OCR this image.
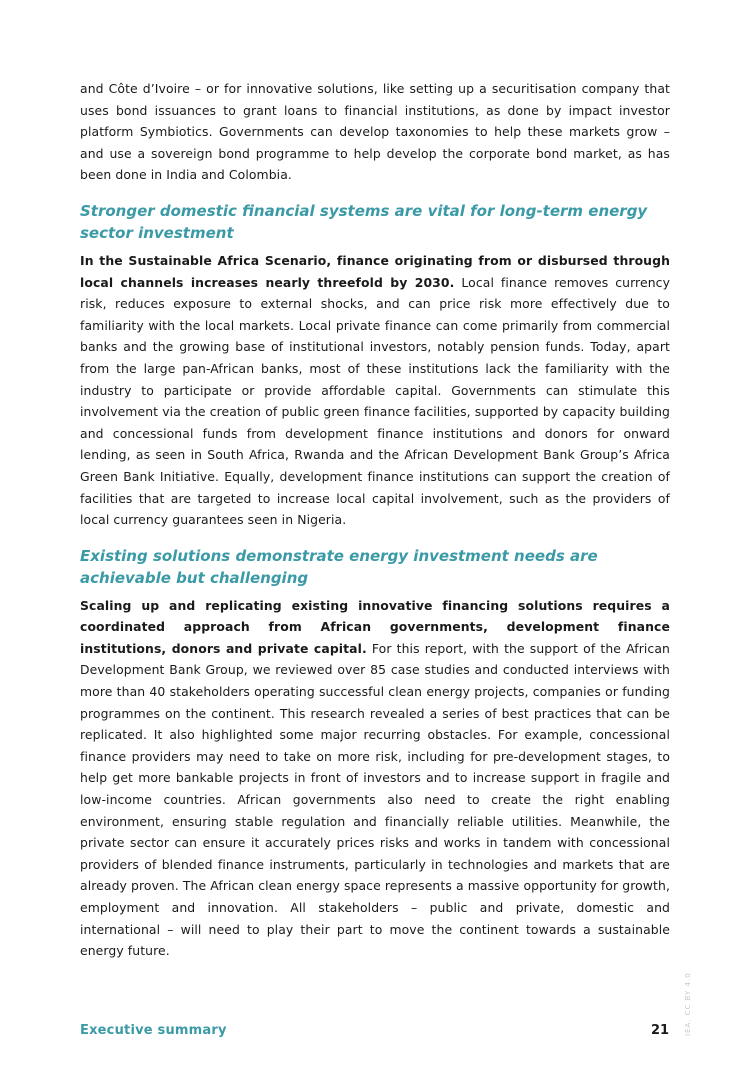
and Côte d’Ivoire – or for innovative solutions, like setting up a securitisation company that uses bond issuances to grant loans to financial institutions, as done by impact investor platform Symbiotics. Governments can develop taxonomies to help these markets grow – and use a sovereign bond programme to help develop the corporate bond market, as has been done in India and Colombia.

Stronger domestic financial systems are vital for long-term energy sector investment

In the Sustainable Africa Scenario, finance originating from or disbursed through local channels increases nearly threefold by 2030. Local finance removes currency risk, reduces exposure to external shocks, and can price risk more effectively due to familiarity with the local markets. Local private finance can come primarily from commercial banks and the growing base of institutional investors, notably pension funds. Today, apart from the large pan-African banks, most of these institutions lack the familiarity with the industry to participate or provide affordable capital. Governments can stimulate this involvement via the creation of public green finance facilities, supported by capacity building and concessional funds from development finance institutions and donors for onward lending, as seen in South Africa, Rwanda and the African Development Bank Group’s Africa Green Bank Initiative. Equally, development finance institutions can support the creation of facilities that are targeted to increase local capital involvement, such as the providers of local currency guarantees seen in Nigeria.

Existing solutions demonstrate energy investment needs are achievable but challenging

Scaling up and replicating existing innovative financing solutions requires a coordinated approach from African governments, development finance institutions, donors and private capital. For this report, with the support of the African Development Bank Group, we reviewed over 85 case studies and conducted interviews with more than 40 stakeholders operating successful clean energy projects, companies or funding programmes on the continent. This research revealed a series of best practices that can be replicated. It also highlighted some major recurring obstacles. For example, concessional finance providers may need to take on more risk, including for pre-development stages, to help get more bankable projects in front of investors and to increase support in fragile and low-income countries. African governments also need to create the right enabling environment, ensuring stable regulation and financially reliable utilities. Meanwhile, the private sector can ensure it accurately prices risks and works in tandem with concessional providers of blended finance instruments, particularly in technologies and markets that are already proven. The African clean energy space represents a massive opportunity for growth, employment and innovation. All stakeholders – public and private, domestic and international – will need to play their part to move the continent towards a sustainable energy future.

Executive summary	21 IEA. CC BY 4.0
